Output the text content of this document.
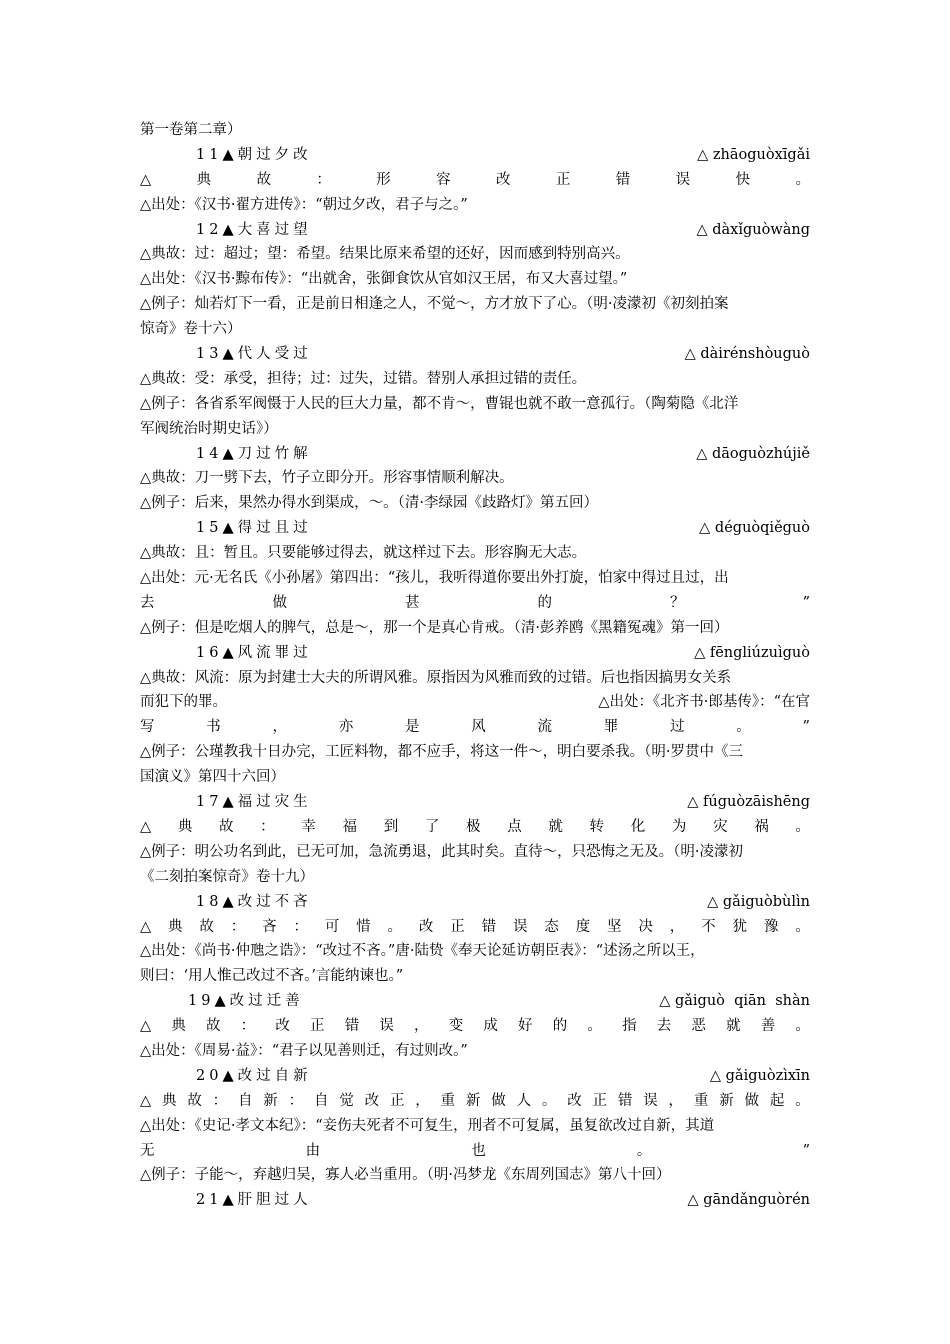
第一卷第二章）
11▲朝过夕改	△ zhāoguòxīgǎi
△	典	故	：	形	容	改	正	错	误	快	。
△出处：《汉书·翟方进传》：“朝过夕改，君子与之。”
12▲大喜过望	△ dàxǐguòwàng
△典故：过：超过；望：希望。结果比原来希望的还好，因而感到特别高兴。
△出处：《汉书·黥布传》：“出就舍，张御食饮从官如汉王居，布又大喜过望。”
△例子：灿若灯下一看，正是前日相逢之人，不觉～，方才放下了心。（明·凌濛初《初刻拍案
惊奇》卷十六）
13▲代人受过	△ dàirénshòuguò
△典故：受：承受，担待；过：过失，过错。替别人承担过错的责任。
△例子：各省系军阀慑于人民的巨大力量，都不肯～，曹锟也就不敢一意孤行。（陶菊隐《北洋
军阀统治时期史话》）
14▲刀过竹解	△ dāoguòzhújiě
△典故：刀一劈下去，竹子立即分开。形容事情顺利解决。
△例子：后来，果然办得水到渠成，～。（清·李绿园《歧路灯》第五回）
15▲得过且过	△ déguòqiěguò
△典故：且：暂且。只要能够过得去，就这样过下去。形容胸无大志。
△出处：元·无名氏《小孙屠》第四出：“孩儿，我听得道你要出外打旋，怕家中得过且过，出
去	做	甚	的	？	”
△例子：但是吃烟人的脾气，总是～，那一个是真心肯戒。（清·彭养鸥《黑籍冤魂》第一回）
16▲风流罪过	△ fēngliúzuìguò
△典故：风流：原为封建士大夫的所谓风雅。原指因为风雅而致的过错。后也指因搞男女关系
而犯下的罪。	△出处：《北齐书·郎基传》：“在官
写	书	，	亦	是	风	流	罪	过	。	”
△例子：公瑾教我十日办完，工匠料物，都不应手，将这一件～，明白要杀我。（明·罗贯中《三
国演义》第四十六回）
17▲福过灾生	△ fúguòzāishēng
△ 典 故 ： 幸 福 到 了 极 点 就 转 化 为 灾 祸 。
△例子：明公功名到此，已无可加，急流勇退，此其时矣。直待～，只恐悔之无及。（明·凌濛初
《二刻拍案惊奇》卷十九）
18▲改过不吝	△ gǎiguòbùlìn
△ 典 故 ： 吝 ： 可 惜 。 改 正 错 误 态 度 坚 决 ， 不 犹 豫 。
△出处：《尚书·仲虺之诰》：“改过不吝。”唐·陆贽《奉天论延访朝臣表》：“述汤之所以王，
则曰：‘用人惟己改过不吝。’言能纳谏也。”
19▲改过迁善	△ gǎiguò  qiān  shàn
△ 典 故 ： 改 正 错 误 ， 变 成 好 的 。 指 去 恶 就 善 。
△出处：《周易·益》：“君子以见善则迁，有过则改。”
20▲改过自新	△ gǎiguòzìxīn
△ 典 故 ： 自 新 ： 自 觉 改 正 ， 重 新 做 人 。 改 正 错 误 ， 重 新 做 起 。
△出处：《史记·孝文本纪》：“妾伤夫死者不可复生，刑者不可复属，虽复欲改过自新，其道
无	由	也	。	”
△例子：子能～，弃越归吴，寡人必当重用。（明·冯梦龙《东周列国志》第八十回）
21▲肝胆过人	△ gāndǎnguòrén
